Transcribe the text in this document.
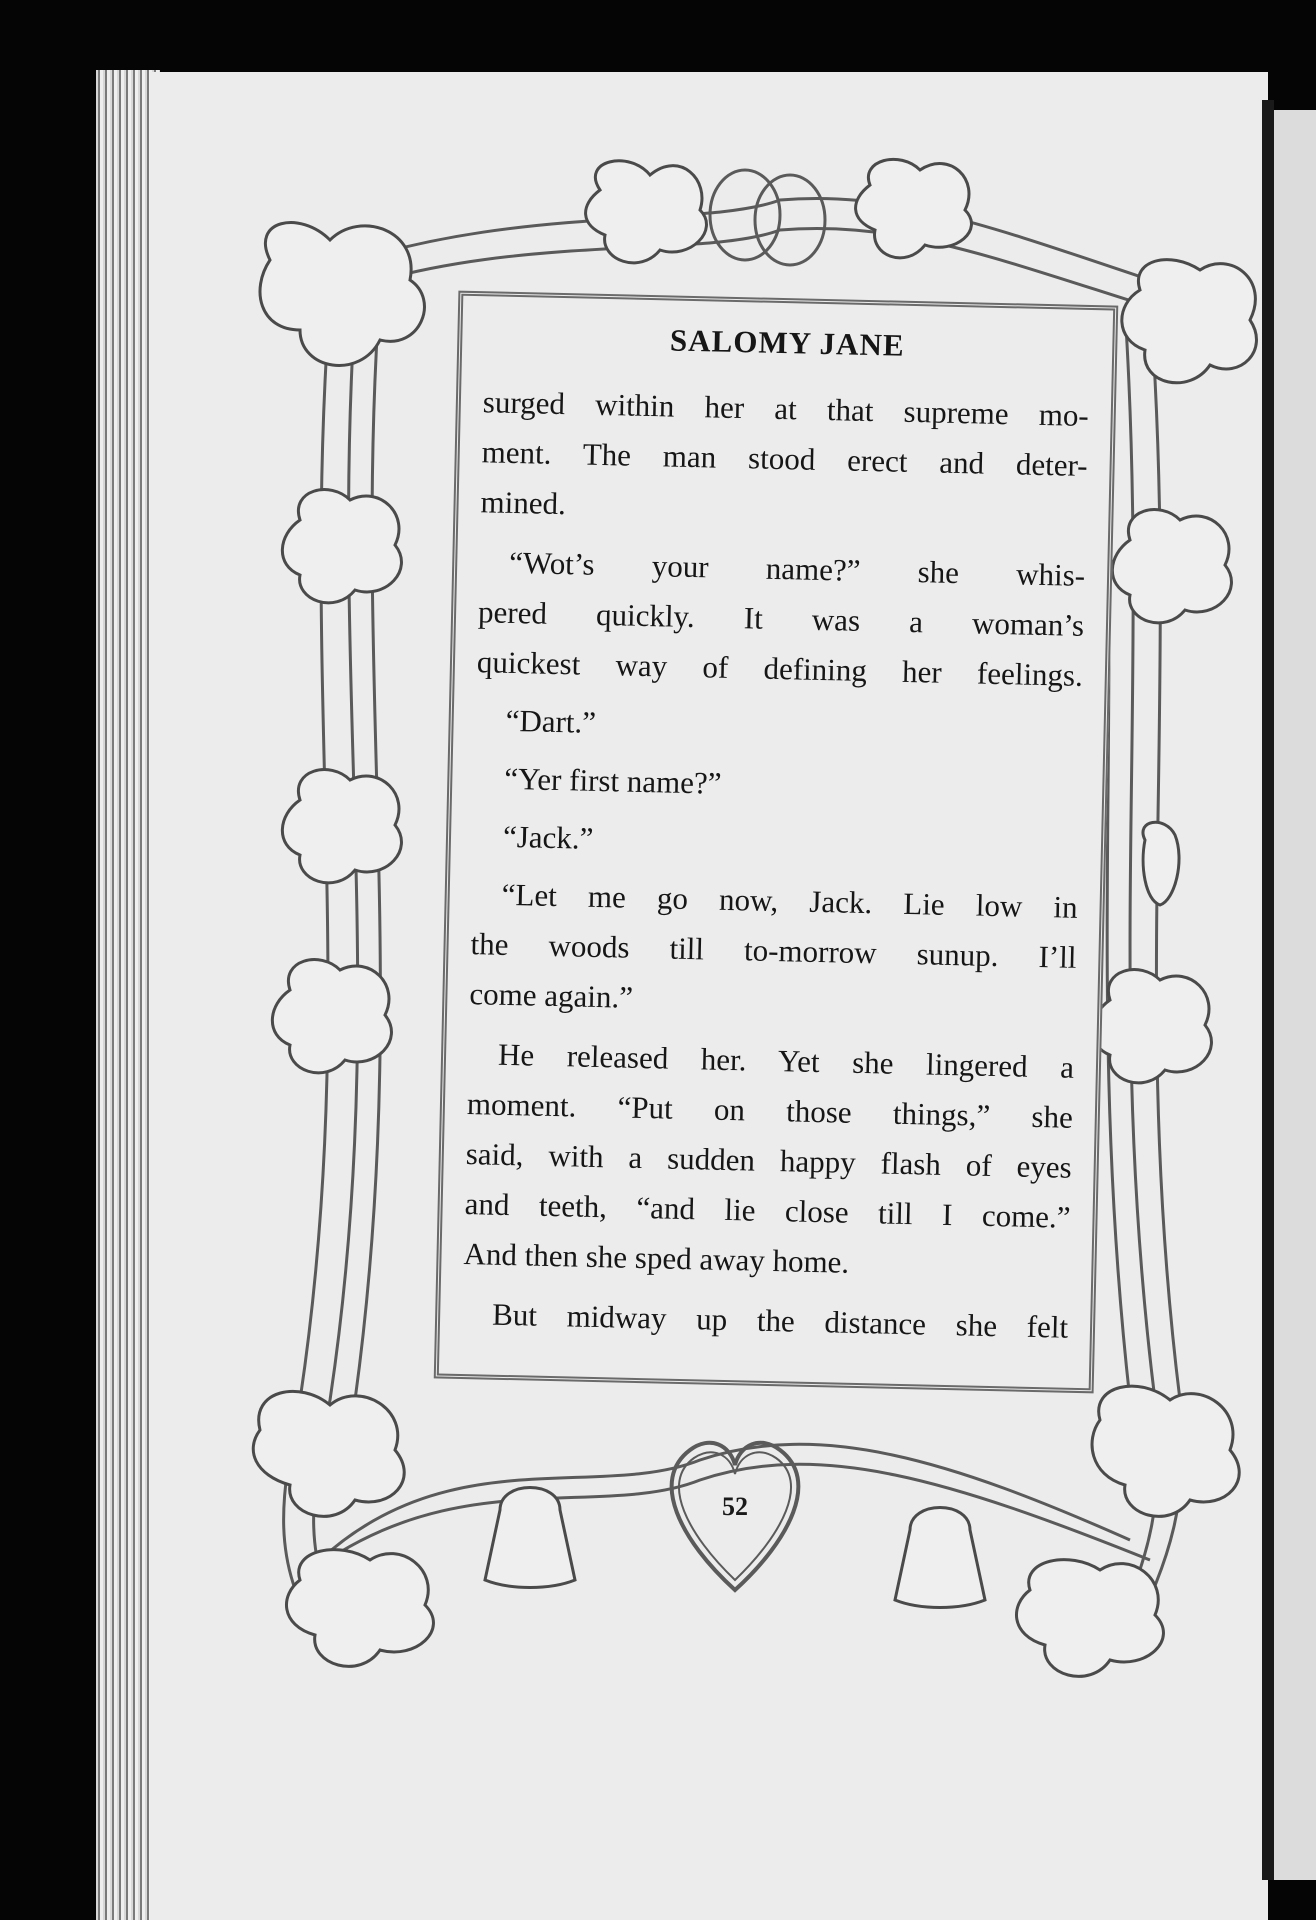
SALOMY JANE

surged within her at that supreme mo-

ment. The man stood erect and deter-

mined.

“Wot’s your name?” she whis-

pered quickly. It was a woman’s

quickest way of defining her feelings.

“Dart.”

“Yer first name?”

“Jack.”

“Let me go now, Jack. Lie low in

the woods till to-morrow sunup. I’ll

come again.”

He released her. Yet she lingered a

moment. “Put on those things,” she

said, with a sudden happy flash of eyes

and teeth, “and lie close till I come.”

And then she sped away home.

But midway up the distance she felt

52
